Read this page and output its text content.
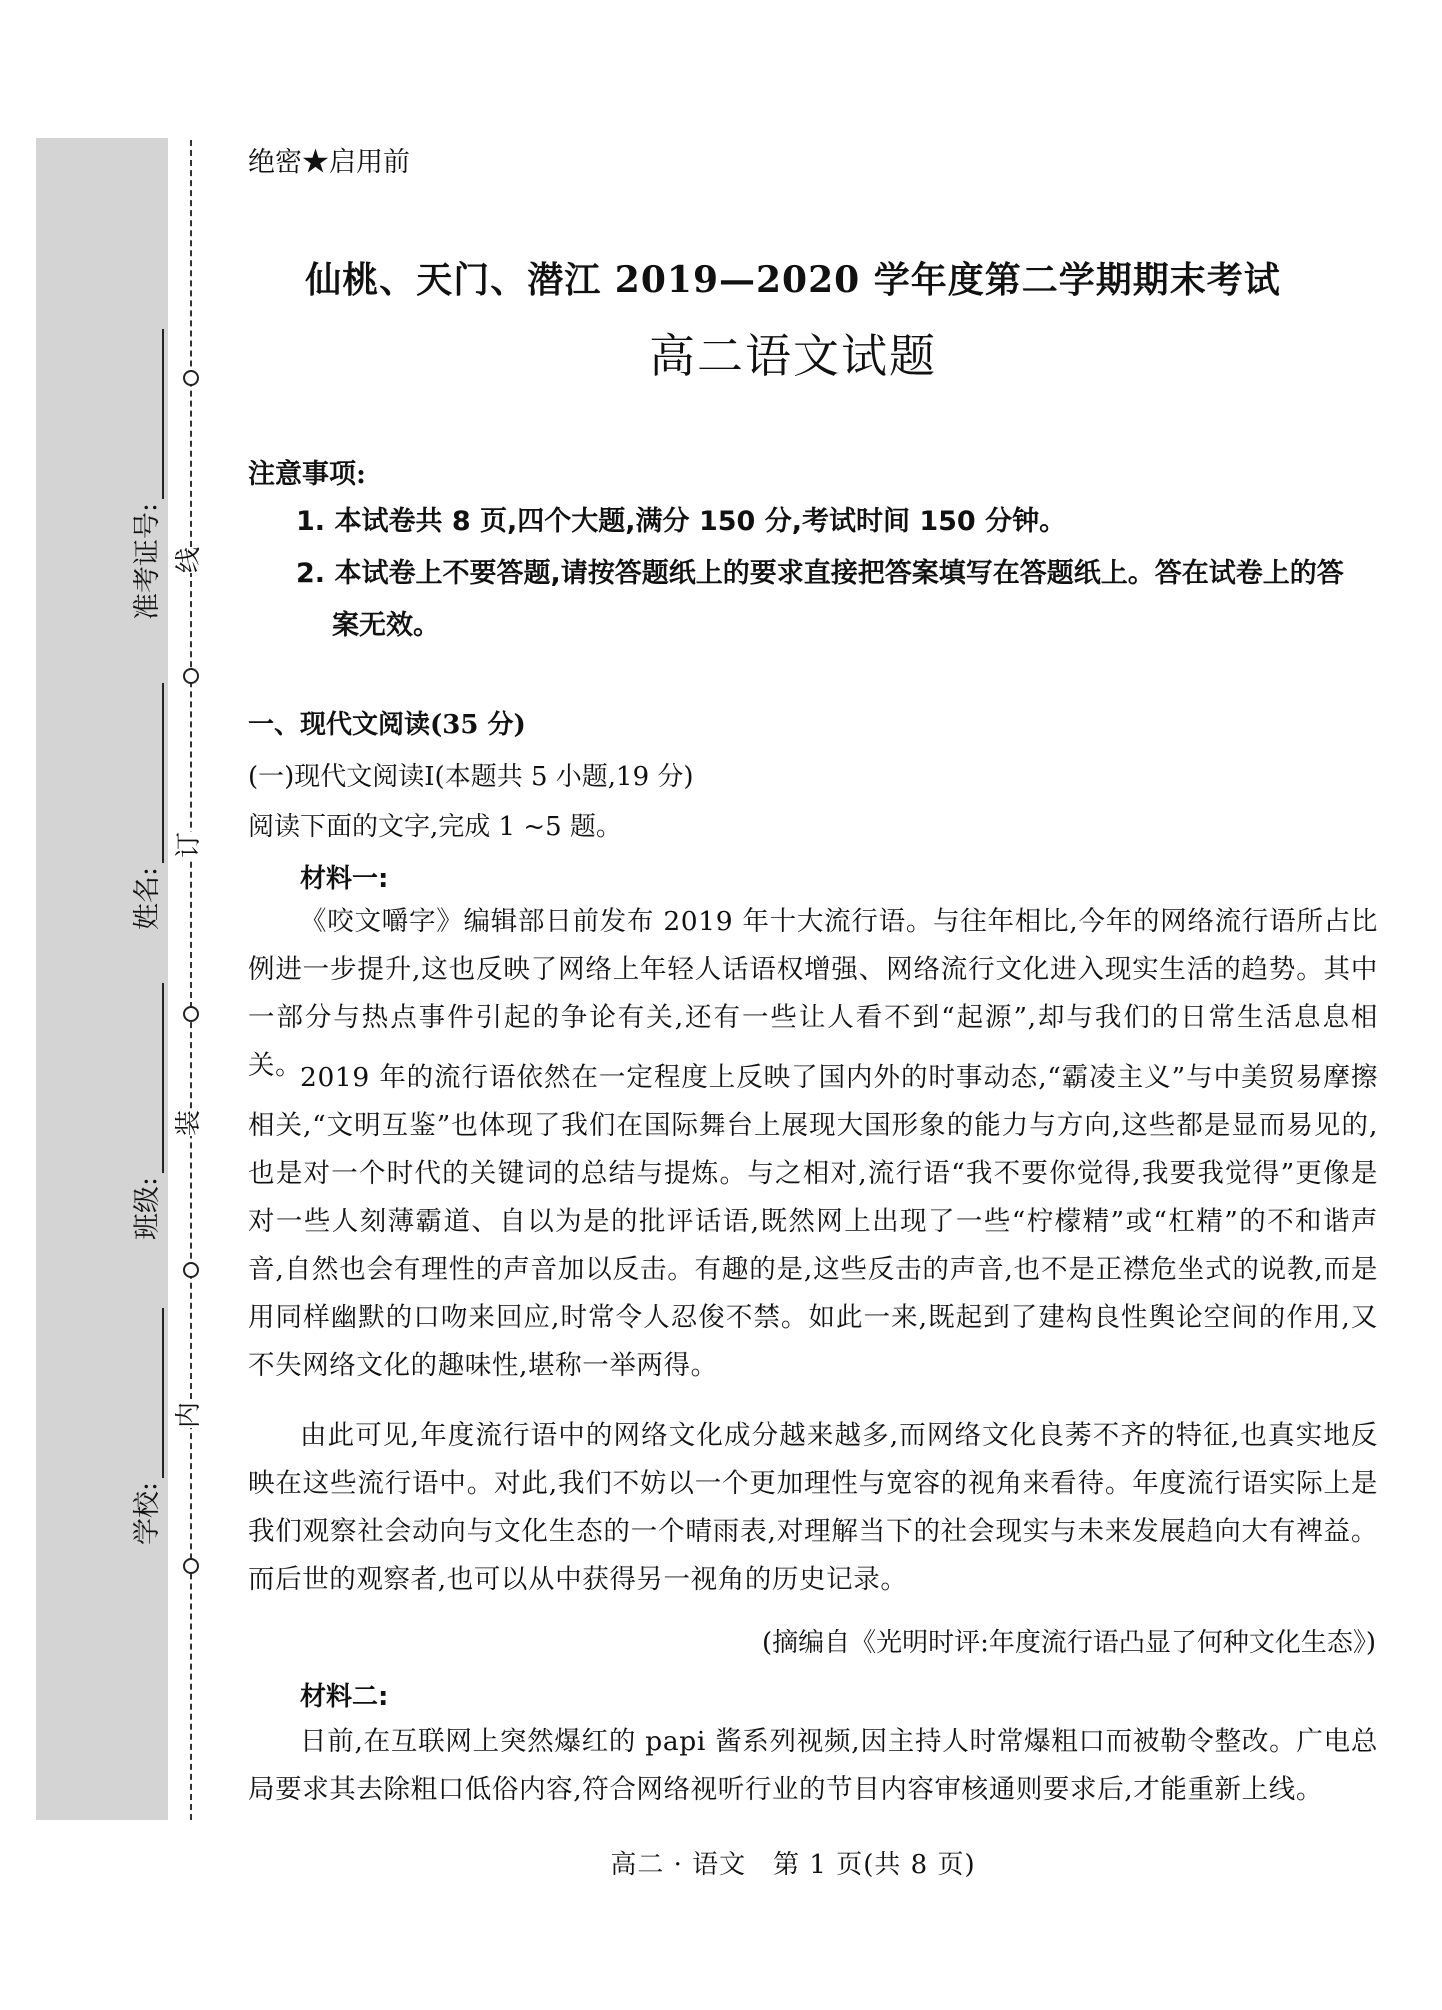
线
订
装
内
准考证号:
姓名:
班级:
学校:
绝密★启用前
仙桃、天门、潜江 2019—2020 学年度第二学期期末考试
高二语文试题
注意事项:
1. 本试卷共 8 页,四个大题,满分 150 分,考试时间 150 分钟。
2. 本试卷上不要答题,请按答题纸上的要求直接把答案填写在答题纸上。答在试卷上的答
案无效。
一、现代文阅读(35 分)
(一)现代文阅读Ⅰ(本题共 5 小题,19 分)
阅读下面的文字,完成 1 ~5 题。
材料一:
《咬文嚼字》编辑部日前发布 2019 年十大流行语。与往年相比,今年的网络流行语所占比例进一步提升,这也反映了网络上年轻人话语权增强、网络流行文化进入现实生活的趋势。其中一部分与热点事件引起的争论有关,还有一些让人看不到“起源”,却与我们的日常生活息息相关。
2019 年的流行语依然在一定程度上反映了国内外的时事动态,“霸凌主义”与中美贸易摩擦相关,“文明互鉴”也体现了我们在国际舞台上展现大国形象的能力与方向,这些都是显而易见的,也是对一个时代的关键词的总结与提炼。与之相对,流行语“我不要你觉得,我要我觉得”更像是对一些人刻薄霸道、自以为是的批评话语,既然网上出现了一些“柠檬精”或“杠精”的不和谐声音,自然也会有理性的声音加以反击。有趣的是,这些反击的声音,也不是正襟危坐式的说教,而是用同样幽默的口吻来回应,时常令人忍俊不禁。如此一来,既起到了建构良性舆论空间的作用,又不失网络文化的趣味性,堪称一举两得。
由此可见,年度流行语中的网络文化成分越来越多,而网络文化良莠不齐的特征,也真实地反映在这些流行语中。对此,我们不妨以一个更加理性与宽容的视角来看待。年度流行语实际上是我们观察社会动向与文化生态的一个晴雨表,对理解当下的社会现实与未来发展趋向大有裨益。而后世的观察者,也可以从中获得另一视角的历史记录。
(摘编自《光明时评:年度流行语凸显了何种文化生态》)
材料二:
日前,在互联网上突然爆红的 papi 酱系列视频,因主持人时常爆粗口而被勒令整改。广电总局要求其去除粗口低俗内容,符合网络视听行业的节目内容审核通则要求后,才能重新上线。
高二 · 语文　第 1 页(共 8 页)
